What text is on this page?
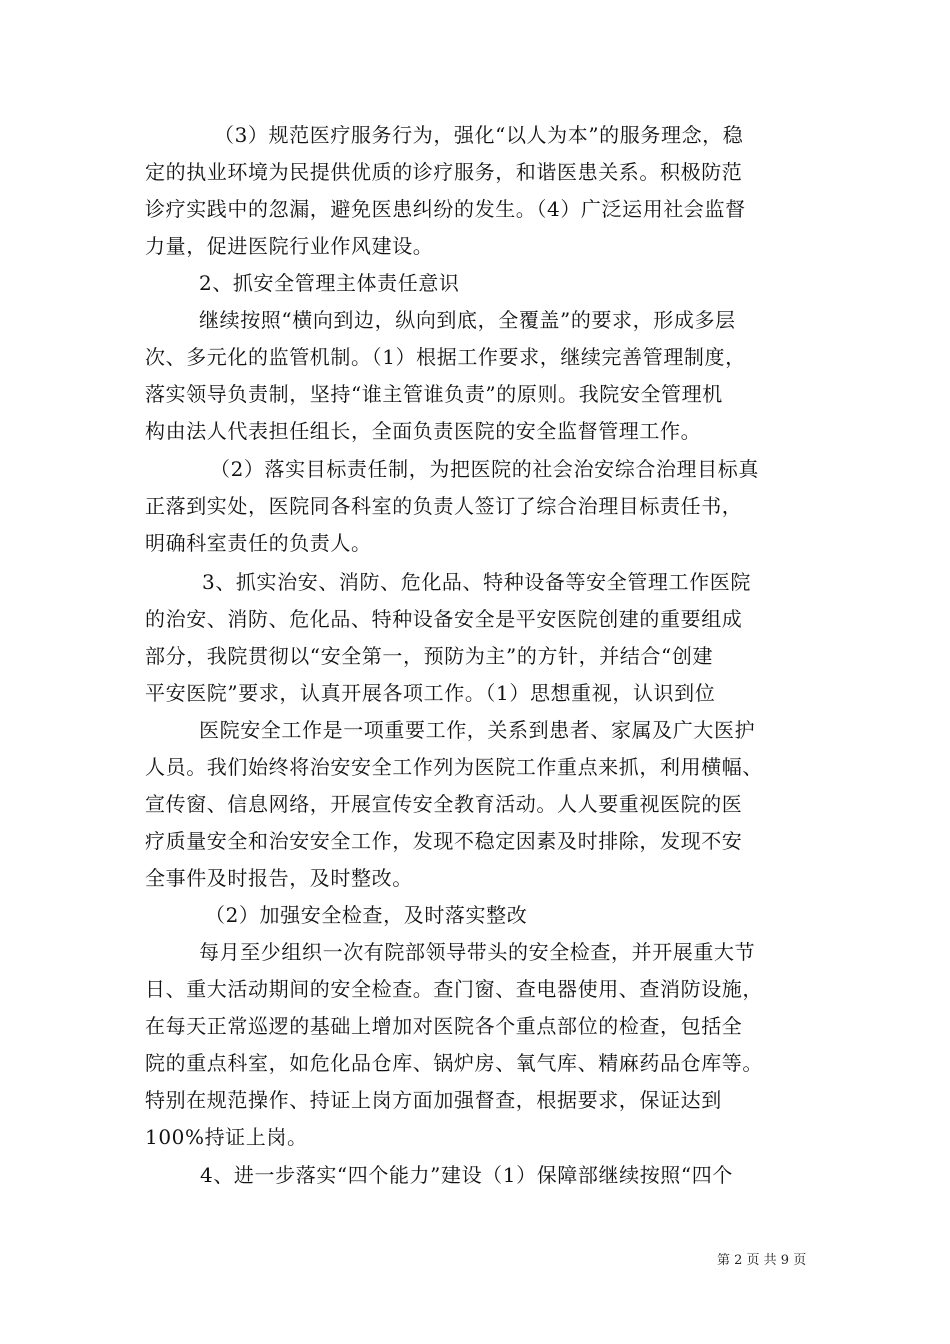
（3）规范医疗服务行为，强化“以人为本”的服务理念，稳
定的执业环境为民提供优质的诊疗服务，和谐医患关系。积极防范
诊疗实践中的忽漏，避免医患纠纷的发生。（4）广泛运用社会监督
力量，促进医院行业作风建设。
2、抓安全管理主体责任意识
继续按照“横向到边，纵向到底，全覆盖”的要求，形成多层
次、多元化的监管机制。（1）根据工作要求，继续完善管理制度，
落实领导负责制，坚持“谁主管谁负责”的原则。我院安全管理机
构由法人代表担任组长，全面负责医院的安全监督管理工作。
（2）落实目标责任制，为把医院的社会治安综合治理目标真
正落到实处，医院同各科室的负责人签订了综合治理目标责任书，
明确科室责任的负责人。
3、抓实治安、消防、危化品、特种设备等安全管理工作医院
的治安、消防、危化品、特种设备安全是平安医院创建的重要组成
部分，我院贯彻以“安全第一，预防为主”的方针，并结合“创建
平安医院”要求，认真开展各项工作。（1）思想重视，认识到位
医院安全工作是一项重要工作，关系到患者、家属及广大医护
人员。我们始终将治安安全工作列为医院工作重点来抓，利用横幅、
宣传窗、信息网络，开展宣传安全教育活动。人人要重视医院的医
疗质量安全和治安安全工作，发现不稳定因素及时排除，发现不安
全事件及时报告，及时整改。
（2）加强安全检查，及时落实整改
每月至少组织一次有院部领导带头的安全检查，并开展重大节
日、重大活动期间的安全检查。查门窗、查电器使用、查消防设施，
在每天正常巡逻的基础上增加对医院各个重点部位的检查，包括全
院的重点科室，如危化品仓库、锅炉房、氧气库、精麻药品仓库等。
特别在规范操作、持证上岗方面加强督查，根据要求，保证达到
100%持证上岗。
4、进一步落实“四个能力”建设（1）保障部继续按照“四个
第 2 页 共 9 页
